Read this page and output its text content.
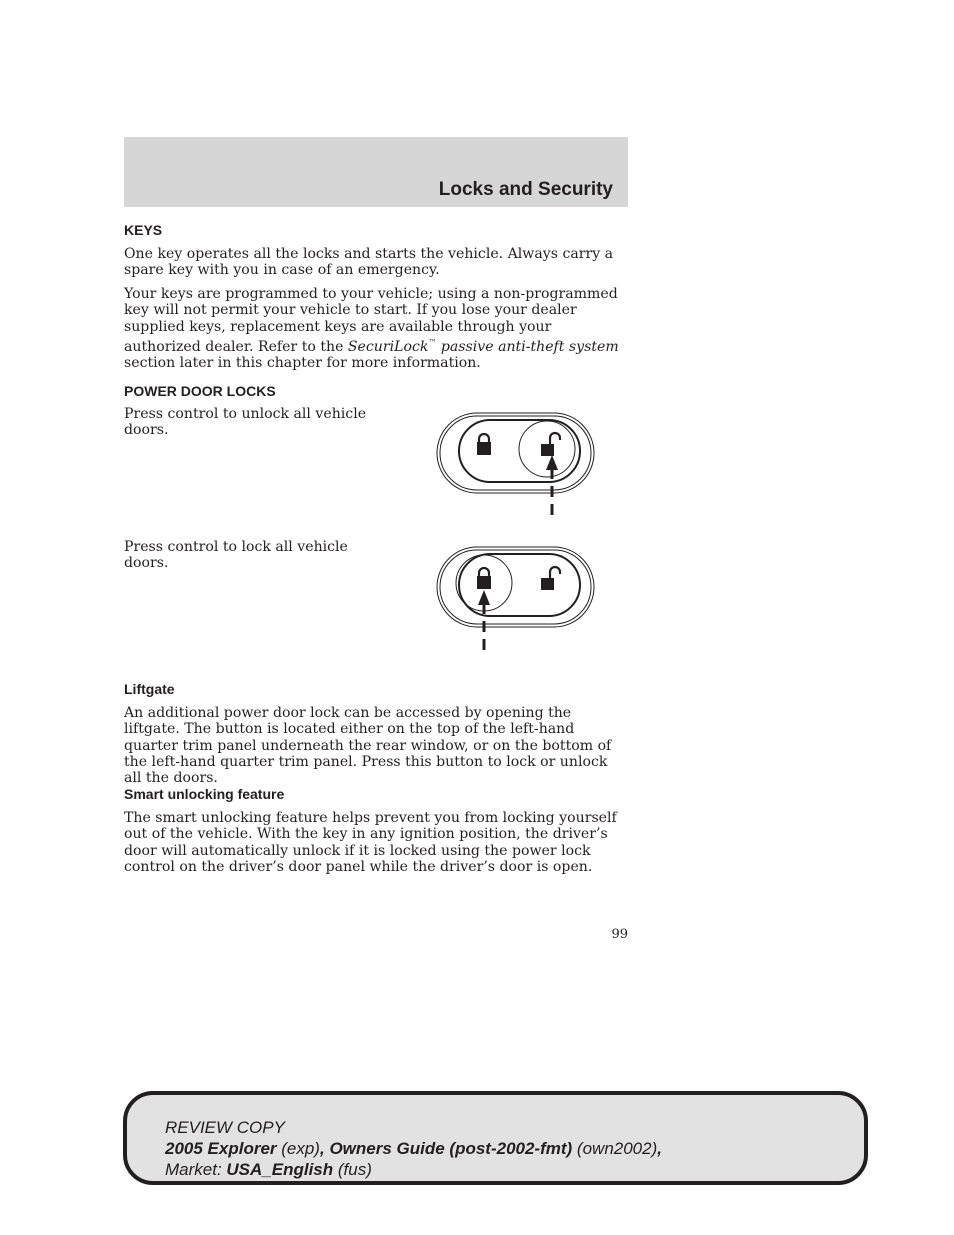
Locks and Security
KEYS

One key operates all the locks and starts the vehicle. Always carry a spare key with you in case of an emergency.

Your keys are programmed to your vehicle; using a non-programmed key will not permit your vehicle to start. If you lose your dealer supplied keys, replacement keys are available through your authorized dealer. Refer to the SecuriLock™ passive anti-theft system section later in this chapter for more information.

POWER DOOR LOCKS

Press control to unlock all vehicle doors.

Press control to lock all vehicle doors.

Liftgate

An additional power door lock can be accessed by opening the liftgate. The button is located either on the top of the left-hand quarter trim panel underneath the rear window, or on the bottom of the left-hand quarter trim panel. Press this button to lock or unlock all the doors.

Smart unlocking feature

The smart unlocking feature helps prevent you from locking yourself out of the vehicle. With the key in any ignition position, the driver’s door will automatically unlock if it is locked using the power lock control on the driver’s door panel while the driver’s door is open.

99
REVIEW COPY
2005 Explorer (exp), Owners Guide (post-2002-fmt) (own2002),
Market: USA_English (fus)
